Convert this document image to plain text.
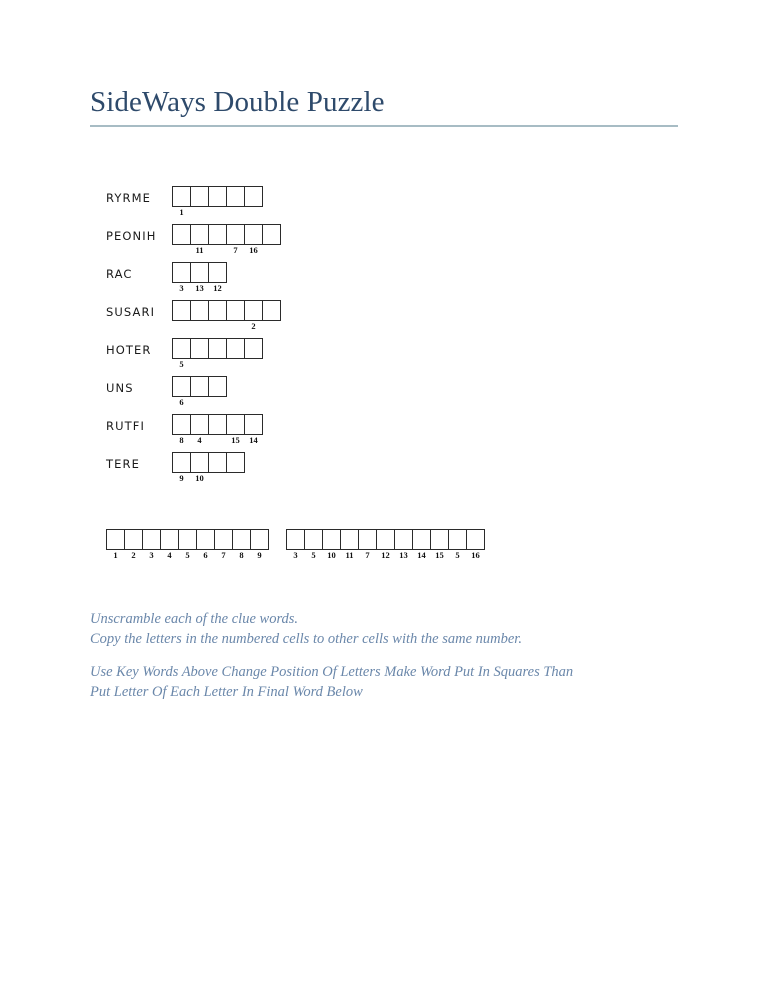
SideWays Double Puzzle
RYRME
1
PEONIH
11	7	16
RAC
3	13	12
SUSARI
2
HOTER
5
UNS
6
RUTFI
8	4	15	14
TERE
9	10
1	2	3	4	5	6	7	8	9	3	5	10	11	7	12	13	14	15	5	16

Unscramble each of the clue words.

Copy the letters in the numbered cells to other cells with the same number.

Use Key Words Above Change Position Of Letters Make Word Put In Squares Than

Put Letter Of Each Letter In Final Word Below
